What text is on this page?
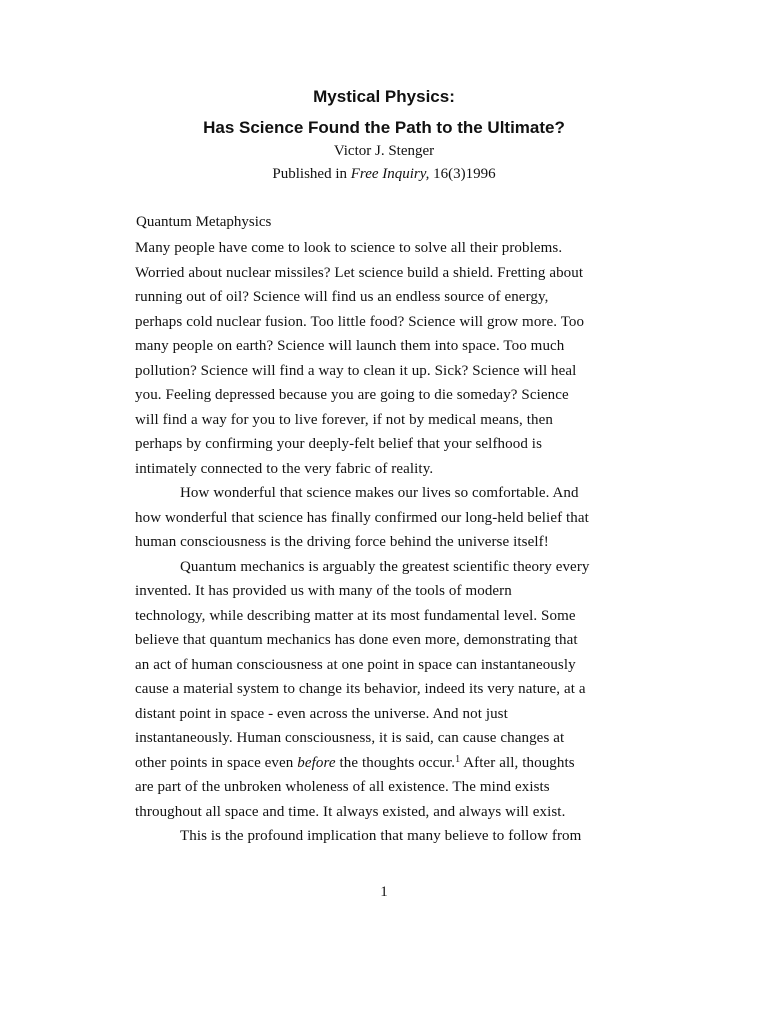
Mystical Physics:
Has Science Found the Path to the Ultimate?
Victor J. Stenger
Published in Free Inquiry, 16(3)1996
Quantum Metaphysics
Many people have come to look to science to solve all their problems.
Worried about nuclear missiles? Let science build a shield. Fretting about
running out of oil? Science will find us an endless source of energy,
perhaps cold nuclear fusion. Too little food? Science will grow more. Too
many people on earth? Science will launch them into space. Too much
pollution? Science will find a way to clean it up. Sick? Science will heal
you. Feeling depressed because you are going to die someday? Science
will find a way for you to live forever, if not by medical means, then
perhaps by confirming your deeply-felt belief that your selfhood is
intimately connected to the very fabric of reality.
How wonderful that science makes our lives so comfortable. And
how wonderful that science has finally confirmed our long-held belief that
human consciousness is the driving force behind the universe itself!
Quantum mechanics is arguably the greatest scientific theory every
invented. It has provided us with many of the tools of modern
technology, while describing matter at its most fundamental level. Some
believe that quantum mechanics has done even more, demonstrating that
an act of human consciousness at one point in space can instantaneously
cause a material system to change its behavior, indeed its very nature, at a
distant point in space - even across the universe. And not just
instantaneously. Human consciousness, it is said, can cause changes at
other points in space even before the thoughts occur.$^1$ After all, thoughts
are part of the unbroken wholeness of all existence. The mind exists
throughout all space and time. It always existed, and always will exist.
This is the profound implication that many believe to follow from
1
